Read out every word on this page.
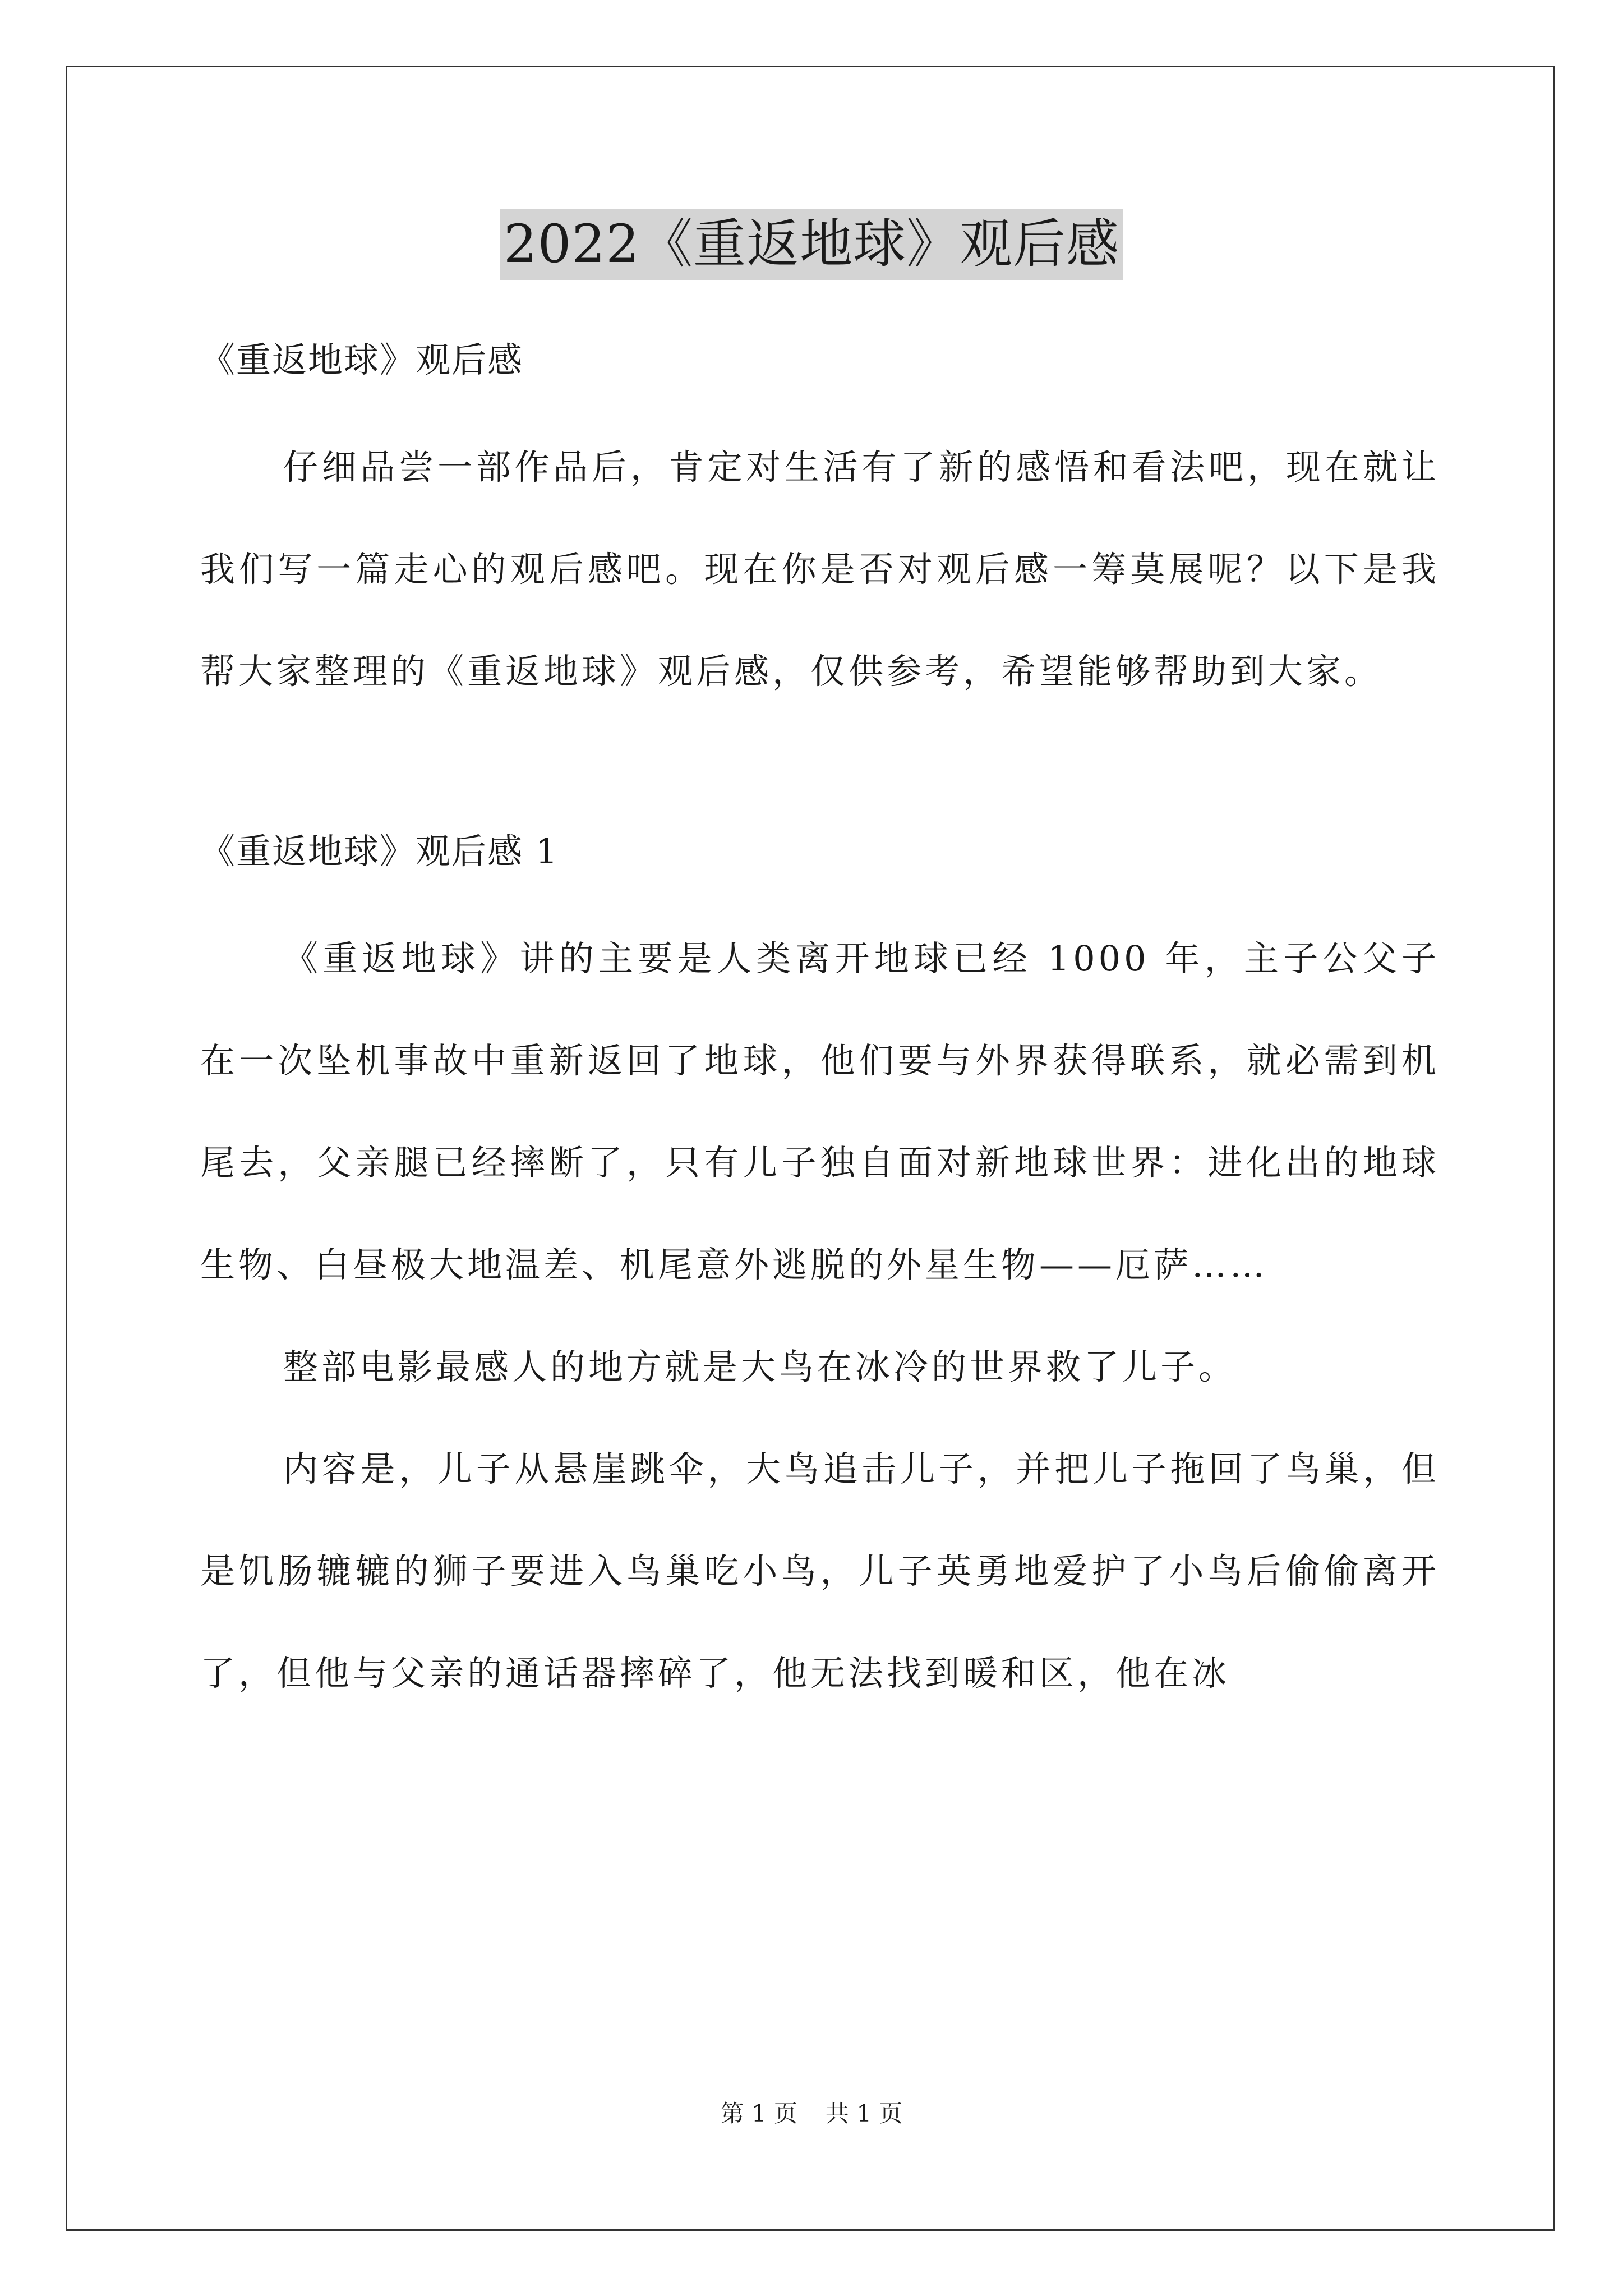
2022《重返地球》观后感

《重返地球》观后感

仔细品尝一部作品后，肯定对生活有了新的感悟和看法吧，现在就让我们写一篇走心的观后感吧。现在你是否对观后感一筹莫展呢？以下是我帮大家整理的《重返地球》观后感，仅供参考，希望能够帮助到大家。

《重返地球》观后感 1

《重返地球》讲的主要是人类离开地球已经 1000 年，主子公父子在一次坠机事故中重新返回了地球，他们要与外界获得联系，就必需到机尾去，父亲腿已经摔断了，只有儿子独自面对新地球世界：进化出的地球生物、白昼极大地温差、机尾意外逃脱的外星生物——厄萨……

整部电影最感人的地方就是大鸟在冰冷的世界救了儿子。

内容是，儿子从悬崖跳伞，大鸟追击儿子，并把儿子拖回了鸟巢，但是饥肠辘辘的狮子要进入鸟巢吃小鸟，儿子英勇地爱护了小鸟后偷偷离开了，但他与父亲的通话器摔碎了，他无法找到暖和区，他在冰

第 1 页 共 1 页
